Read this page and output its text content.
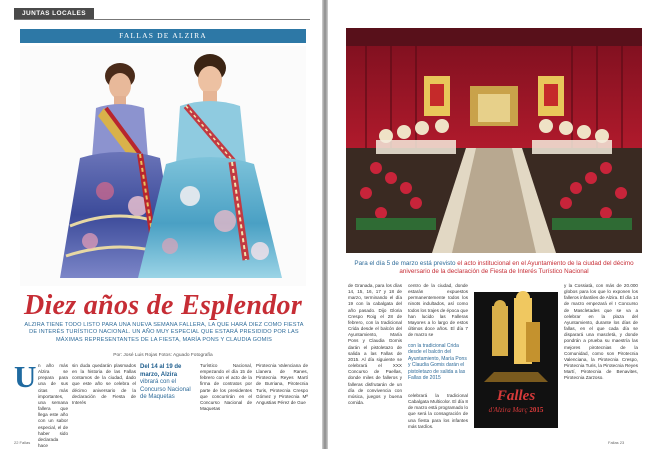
JUNTAS LOCALES
FALLAS DE ALZIRA
Diez años de Esplendor
ALZIRA TIENE TODO LISTO PARA UNA NUEVA SEMANA FALLERA, LA QUE HARÁ DIEZ COMO FIESTA DE INTERÉS TURÍSTICO NACIONAL. UN AÑO MUY ESPECIAL QUE ESTARÁ PRESIDIDO POR LAS MÁXIMAS REPRESENTANTES DE LA FIESTA, MARÍA PONS Y CLAUDIA GOMIS
Por: José Luis Rojas Fotos: Aguado Fotografía
U n año más Alzira se prepara para una de sus citas más importantes, una semana fallera que llega este año con un sabor especial, el de haber sido declarada hace
sin duda quedarán plasmados en la historia de las Fallas contamos de la ciudad, dado que este año se celebra el décimo aniversario de la declaración de Fiesta de Interés
Del 14 al 19 de marzo, Alzira vibrará con el Concurso Nacional de Maquetas
Turístico Nacional, empezando el día 15 de febrero con el acto de la firma de contratos por parte de los presidentes que concurrirán en el Concurso Nacional de Maquetas
Pirotecnia Valenciana de Llanera de Ranes, Pirotecnia Reyes Martí de Burriana, Pirotecnia Turis, Pirotecnia Crespo Gómez y Pirotecnia Mª Angustias Pérez de Gue
22 Fallas
Para el día 5 de marzo está previsto el acto institucional en el Ayuntamiento de la ciudad del décimo aniversario de la declaración de Fiesta de Interés Turístico Nacional
de Granada, para los días 14, 15, 16, 17 y 18 de marzo, terminando el día 19 con la cabalgata del año pasado. Dijo Gloria Crespo Roig el 28 de febrero, con la tradicional Crida desde el balcón del Ayuntamiento, María Pons y Claudia Gomis darán el pistoletazo de salida a las Fallas de 2015. Al día siguiente se celebrará el XXX Concurso de Paellas, donde miles de falleros y falleras disfrutarán de un día de convivencia con música, juegos y buena comida.
centro de la ciudad, donde estarán expuestos permanentemente todos los ninots indultados, así como todos los trajes de época que han lucido las Falleras Mayores a lo largo de estos últimos doce años. El día 7 de marzo se
con la tradicional Crida desde el balcón del Ayuntamiento, María Pons y Claudia Gomis darán el pistoletazo de salida a las Fallas de 2015
celebrará la tradicional Cabalgata Multicolor. El día 8 de marzo está programado lo que será la consagración de una fiesta para los infantes más tardíos.
Falles
d'Alzira Març 2015
y la Cossiatà, con más de 20.000 globos para los que lo exponen los falleros infantiles de Alzira. El día 14 de marzo empezará el I Concurso de Mascletades que se va a celebrar en la plaza del Ayuntamiento, durante los días de fallas, en el que cada día se disparará una mascletà, y donde pondrán a prueba su maestría las mejores pirotecnias de la Comunidad, como son Pirotecnia Valenciana, la Pirotecnia Crespo, Pirotecnia Turis, la Pirotecnia Reyes Martí, Pirotecnia de Benavites, Pirotecnia Zarzoso.
Fallas 23
